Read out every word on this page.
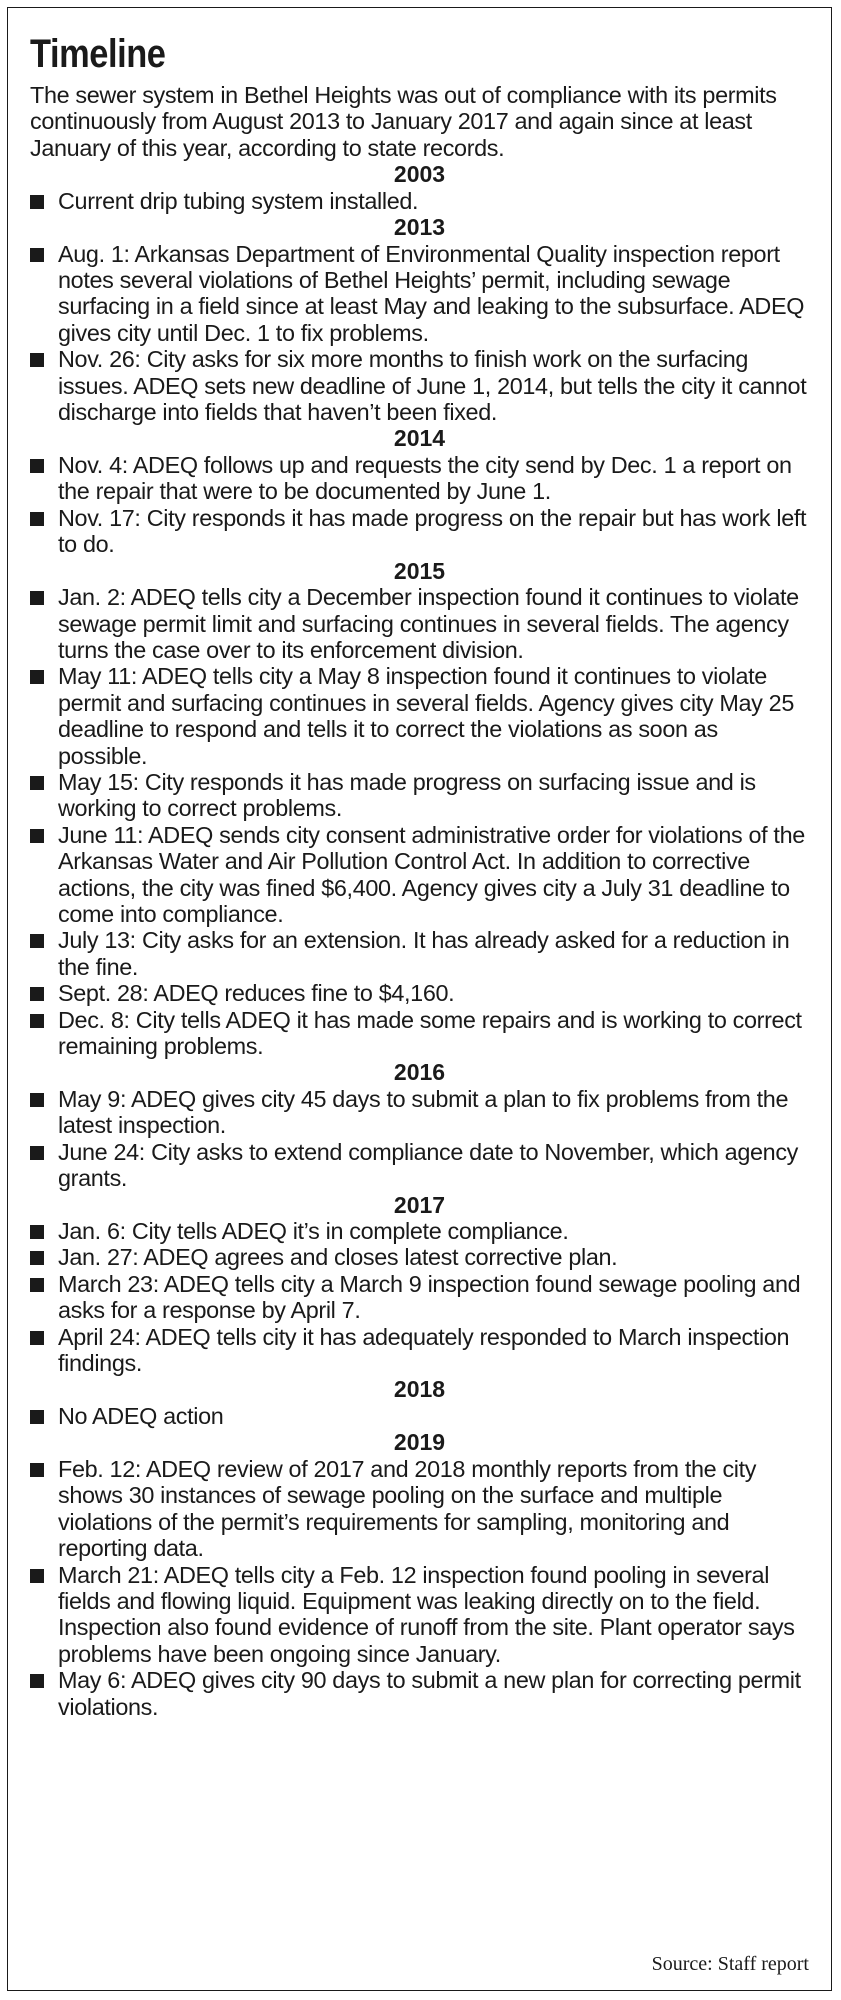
Timeline

The sewer system in Bethel Heights was out of compliance with its permits continuously from August 2013 to January 2017 and again since at least January of this year, according to state records.

2003
Current drip tubing system installed.
2013
Aug. 1: Arkansas Department of Environmental Quality inspection report notes several violations of Bethel Heights’ permit, including sewage surfacing in a field since at least May and leaking to the subsurface. ADEQ gives city until Dec. 1 to fix problems.
Nov. 26: City asks for six more months to finish work on the surfacing issues. ADEQ sets new deadline of June 1, 2014, but tells the city it cannot discharge into fields that haven’t been fixed.
2014
Nov. 4: ADEQ follows up and requests the city send by Dec. 1 a report on the repair that were to be documented by June 1.
Nov. 17: City responds it has made progress on the repair but has work left to do.
2015
Jan. 2: ADEQ tells city a December inspection found it continues to violate sewage permit limit and surfacing continues in several fields. The agency turns the case over to its enforcement division.
May 11: ADEQ tells city a May 8 inspection found it continues to violate permit and surfacing continues in several fields. Agency gives city May 25 deadline to respond and tells it to correct the violations as soon as possible.
May 15: City responds it has made progress on surfacing issue and is working to correct problems.
June 11: ADEQ sends city consent administrative order for violations of the Arkansas Water and Air Pollution Control Act. In addition to corrective actions, the city was fined $6,400. Agency gives city a July 31 deadline to come into compliance.
July 13: City asks for an extension. It has already asked for a reduction in the fine.
Sept. 28: ADEQ reduces fine to $4,160.
Dec. 8: City tells ADEQ it has made some repairs and is working to correct remaining problems.
2016
May 9: ADEQ gives city 45 days to submit a plan to fix problems from the latest inspection.
June 24: City asks to extend compliance date to November, which agency grants.
2017
Jan. 6: City tells ADEQ it’s in complete compliance.
Jan. 27: ADEQ agrees and closes latest corrective plan.
March 23: ADEQ tells city a March 9 inspection found sewage pooling and asks for a response by April 7.
April 24: ADEQ tells city it has adequately responded to March inspection findings.
2018
No ADEQ action
2019
Feb. 12: ADEQ review of 2017 and 2018 monthly reports from the city shows 30 instances of sewage pooling on the surface and multiple violations of the permit’s requirements for sampling, monitoring and reporting data.
March 21: ADEQ tells city a Feb. 12 inspection found pooling in several fields and flowing liquid. Equipment was leaking directly on to the field. Inspection also found evidence of runoff from the site. Plant operator says problems have been ongoing since January.
May 6: ADEQ gives city 90 days to submit a new plan for correcting permit violations.
Source: Staff report
